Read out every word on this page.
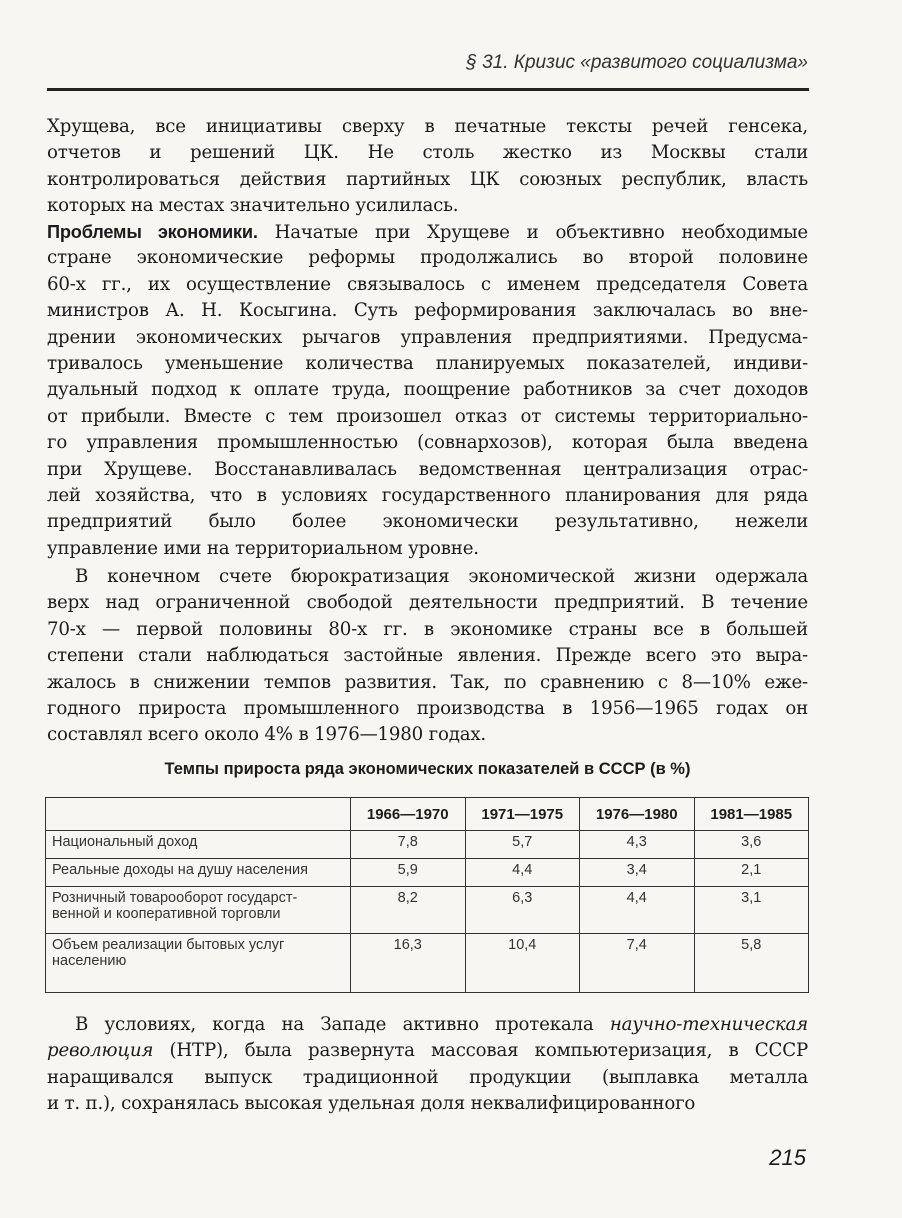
§ 31. Кризис «развитого социализма»
Хрущева, все инициативы сверху в печатные тексты речей генсека,
отчетов и решений ЦК. Не столь жестко из Москвы стали
контролироваться действия партийных ЦК союзных республик, власть
которых на местах значительно усилилась.
Проблемы экономики. Начатые при Хрущеве и объективно необходимые
стране экономические реформы продолжались во второй половине
60-х гг., их осуществление связывалось с именем председателя Совета
министров А. Н. Косыгина. Суть реформирования заключалась во вне-
дрении экономических рычагов управления предприятиями. Предусма-
тривалось уменьшение количества планируемых показателей, индиви-
дуальный подход к оплате труда, поощрение работников за счет доходов
от прибыли. Вместе с тем произошел отказ от системы территориально-
го управления промышленностью (совнархозов), которая была введена
при Хрущеве. Восстанавливалась ведомственная централизация отрас-
лей хозяйства, что в условиях государственного планирования для ряда
предприятий было более экономически результативно, нежели
управление ими на территориальном уровне.
В конечном счете бюрократизация экономической жизни одержала
верх над ограниченной свободой деятельности предприятий. В течение
70-х — первой половины 80-х гг. в экономике страны все в большей
степени стали наблюдаться застойные явления. Прежде всего это выра-
жалось в снижении темпов развития. Так, по сравнению с 8—10% еже-
годного прироста промышленного производства в 1956—1965 годах он
составлял всего около 4% в 1976—1980 годах.
Темпы прироста ряда экономических показателей в СССР (в %)
	1966—1970	1971—1975	1976—1980	1981—1985
Национальный доход	7,8	5,7	4,3	3,6
Реальные доходы на душу населения	5,9	4,4	3,4	2,1
Розничный товарооборот государст-венной и кооперативной торговли	8,2	6,3	4,4	3,1
Объем реализации бытовых услуг населению	16,3	10,4	7,4	5,8
В условиях, когда на Западе активно протекала научно-техническая
революция (НТР), была развернута массовая компьютеризация, в СССР
наращивался выпуск традиционной продукции (выплавка металла
и т. п.), сохранялась высокая удельная доля неквалифицированного
215
